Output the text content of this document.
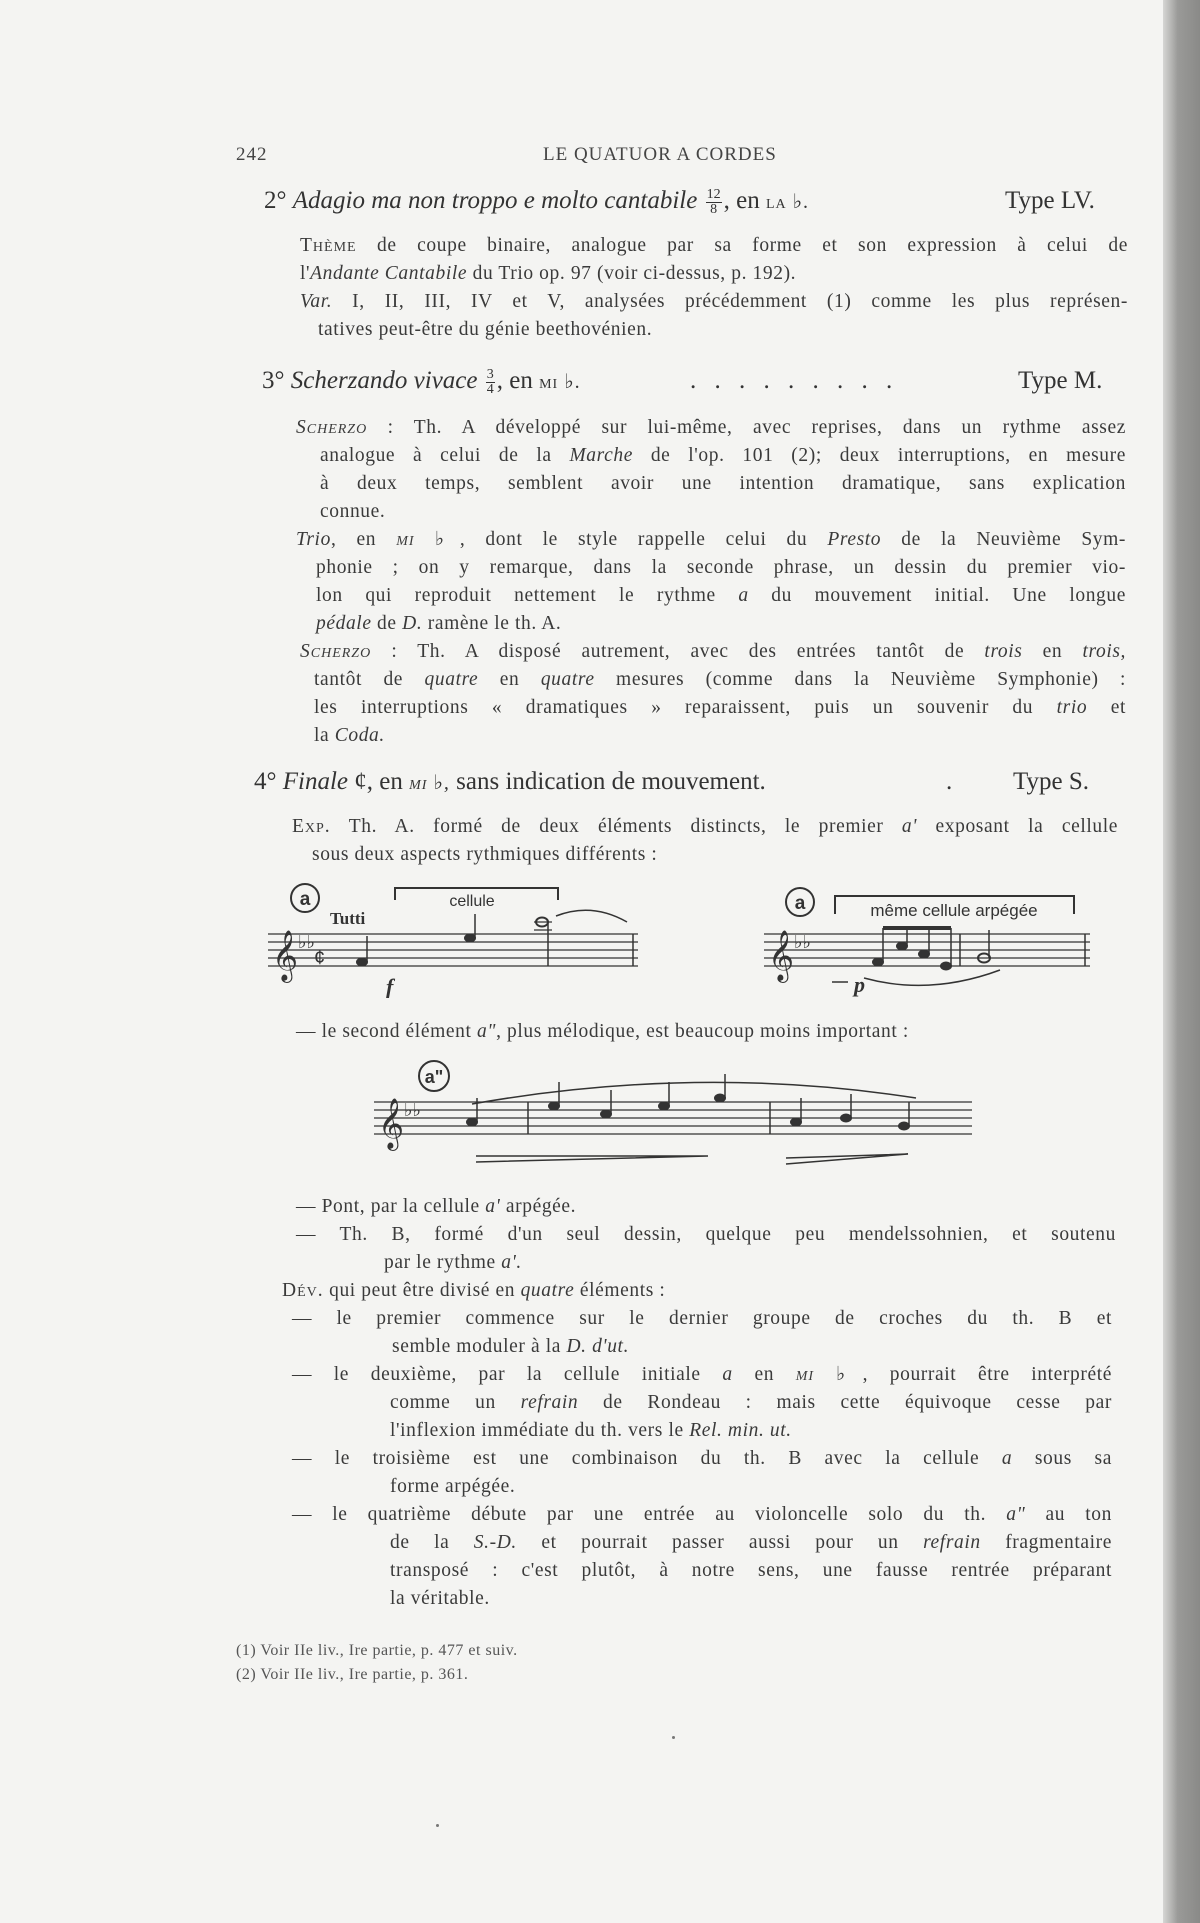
242	LE QUATUOR A CORDES
2° Adagio ma non troppo e molto cantabile $\frac{12}{8}$ , en la ♭.	Type LV.
Thème de coupe binaire, analogue par sa forme et son expression à celui de
l'Andante Cantabile du Trio op. 97 (voir ci-dessus, p. 192).
Var. I, II, III, IV et V, analysées précédemment (1) comme les plus représen-
tatives peut-être du génie beethovénien.
3° Scherzando vivace $\frac{3}{4}$ , en mi ♭.	. . . . . . . . .	Type M.
Scherzo : Th. A développé sur lui-même, avec reprises, dans un rythme assez
analogue à celui de la Marche de l'op. 101 (2); deux interruptions, en mesure
à deux temps, semblent avoir une intention dramatique, sans explication
connue.
Trio, en mi ♭, dont le style rappelle celui du Presto de la Neuvième Sym-
phonie ; on y remarque, dans la seconde phrase, un dessin du premier vio-
lon qui reproduit nettement le rythme a du mouvement initial. Une longue
pédale de D. ramène le th. A.
Scherzo : Th. A disposé autrement, avec des entrées tantôt de trois en trois,
tantôt de quatre en quatre mesures (comme dans la Neuvième Symphonie) :
les interruptions « dramatiques » reparaissent, puis un souvenir du trio et
la Coda.
4° Finale ¢, en mi ♭, sans indication de mouvement.	. Type S.
Exp. Th. A. formé de deux éléments distincts, le premier a' exposant la cellule
sous deux aspects rythmiques différents :
a
Tutti
cellule
𝄞 ♭♭
¢
f
a	même cellule arpégée
𝄞 ♭♭
p
— le second élément a", plus mélodique, est beaucoup moins important :
a"
𝄞 ♭♭
— Pont, par la cellule a' arpégée.
— Th. B, formé d'un seul dessin, quelque peu mendelssohnien, et soutenu
par le rythme a'.
Dév. qui peut être divisé en quatre éléments :
— le premier commence sur le dernier groupe de croches du th. B et
semble moduler à la D. d'ut.
— le deuxième, par la cellule initiale a en mi ♭, pourrait être interprété
comme un refrain de Rondeau : mais cette équivoque cesse par
l'inflexion immédiate du th. vers le Rel. min. ut.
— le troisième est une combinaison du th. B avec la cellule a sous sa
forme arpégée.
— le quatrième débute par une entrée au violoncelle solo du th. a" au ton
de la S.-D. et pourrait passer aussi pour un refrain fragmentaire
transposé : c'est plutôt, à notre sens, une fausse rentrée préparant
la véritable.
(1) Voir IIe liv., Ire partie, p. 477 et suiv.
(2) Voir IIe liv., Ire partie, p. 361.
